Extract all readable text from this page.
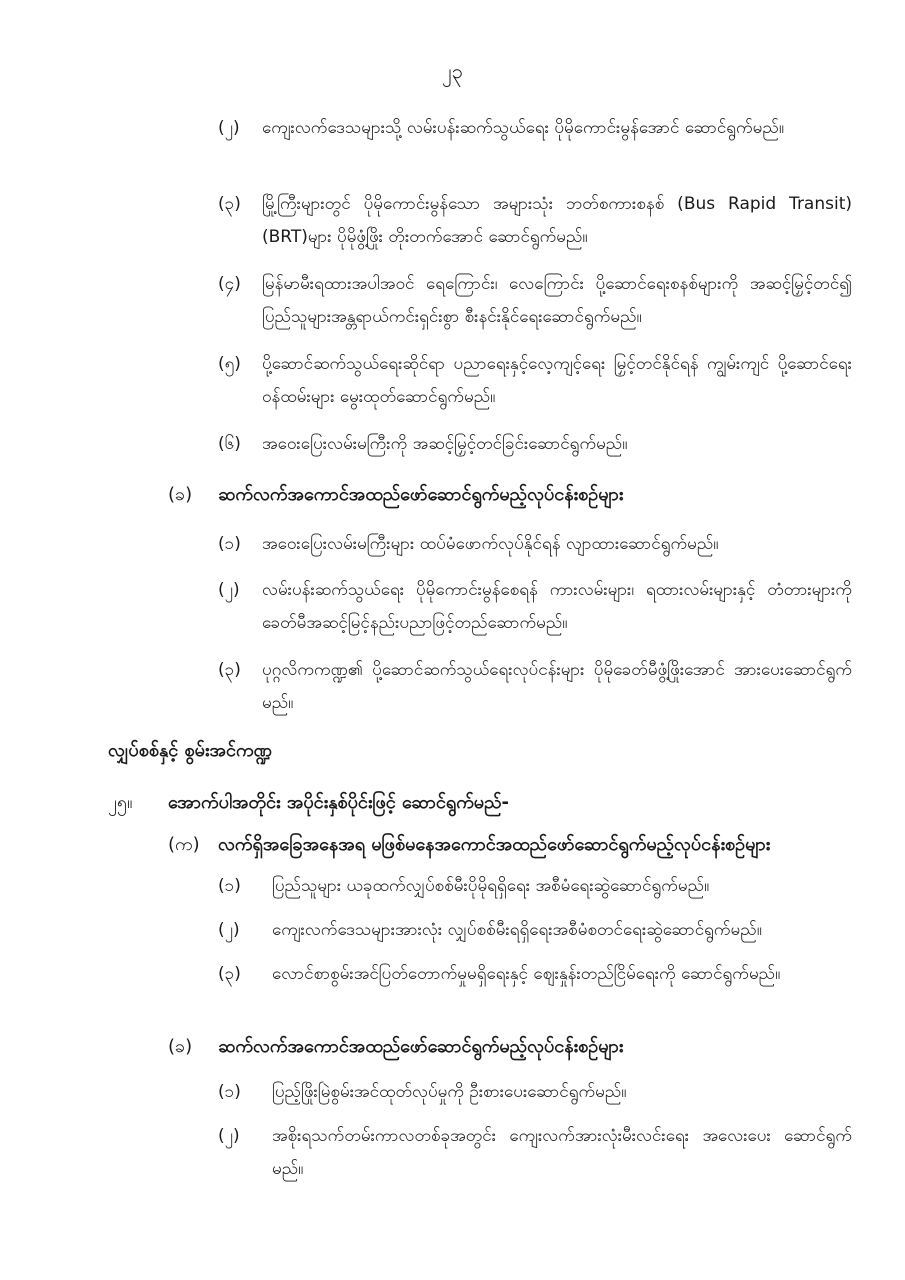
၂၃
(၂) ကျေးလက်ဒေသများသို့ လမ်းပန်းဆက်သွယ်ရေး ပိုမိုကောင်းမွန်အောင် ဆောင်ရွက်မည်။
(၃) မြို့ကြီးများတွင် ပိုမိုကောင်းမွန်သော အများသုံး ဘတ်စကားစနစ် (Bus Rapid Transit) (BRT)များ ပိုမိုဖွံ့ဖြိုး တိုးတက်အောင် ဆောင်ရွက်မည်။
(၄) မြန်မာမီးရထားအပါအဝင် ရေကြောင်း၊ လေကြောင်း ပို့ဆောင်ရေးစနစ်များကို အဆင့်မြှင့်တင်၍ ပြည်သူများအန္တရာယ်ကင်းရှင်းစွာ စီးနင်းနိုင်ရေးဆောင်ရွက်မည်။
(၅) ပို့ဆောင်ဆက်သွယ်ရေးဆိုင်ရာ ပညာရေးနှင့်လေ့ကျင့်ရေး မြှင့်တင်နိုင်ရန် ကျွမ်းကျင် ပို့ဆောင်ရေးဝန်ထမ်းများ မွေးထုတ်ဆောင်ရွက်မည်။
(၆) အဝေးပြေးလမ်းမကြီးကို အဆင့်မြှင့်တင်ခြင်းဆောင်ရွက်မည်။
(ခ) ဆက်လက်အကောင်အထည်ဖော်ဆောင်ရွက်မည့်လုပ်ငန်းစဉ်များ
(၁) အဝေးပြေးလမ်းမကြီးများ ထပ်မံဖောက်လုပ်နိုင်ရန် လျာထားဆောင်ရွက်မည်။
(၂) လမ်းပန်းဆက်သွယ်ရေး ပိုမိုကောင်းမွန်စေရန် ကားလမ်းများ၊ ရထားလမ်းများနှင့် တံတားများကို ခေတ်မီအဆင့်မြင့်နည်းပညာဖြင့်တည်ဆောက်မည်။
(၃) ပုဂ္ဂလိကကဏ္ဍ၏ ပို့ဆောင်ဆက်သွယ်ရေးလုပ်ငန်းများ ပိုမိုခေတ်မီဖွံ့ဖြိုးအောင် အားပေးဆောင်ရွက်မည်။
လျှပ်စစ်နှင့် စွမ်းအင်ကဏ္ဍ
၂၅။ အောက်ပါအတိုင်း အပိုင်းနှစ်ပိုင်းဖြင့် ဆောင်ရွက်မည်-
(က) လက်ရှိအခြေအနေအရ မဖြစ်မနေအကောင်အထည်ဖော်ဆောင်ရွက်မည့်လုပ်ငန်းစဉ်များ
(၁) ပြည်သူများ ယခုထက်လျှပ်စစ်မီးပိုမိုရရှိရေး အစီမံရေးဆွဲဆောင်ရွက်မည်။
(၂) ကျေးလက်ဒေသများအားလုံး လျှပ်စစ်မီးရရှိရေးအစီမံစတင်ရေးဆွဲဆောင်ရွက်မည်။
(၃) လောင်စာစွမ်းအင်ပြတ်တောက်မှုမရှိရေးနှင့် ဈေးနှုန်းတည်ငြိမ်ရေးကို ဆောင်ရွက်မည်။
(ခ) ဆက်လက်အကောင်အထည်ဖော်ဆောင်ရွက်မည့်လုပ်ငန်းစဉ်များ
(၁) ပြည့်ဖြိုးမြဲစွမ်းအင်ထုတ်လုပ်မှုကို ဦးစားပေးဆောင်ရွက်မည်။
(၂) အစိုးရသက်တမ်းကာလတစ်ခုအတွင်း ကျေးလက်အားလုံးမီးလင်းရေး အလေးပေး ဆောင်ရွက်မည်။
